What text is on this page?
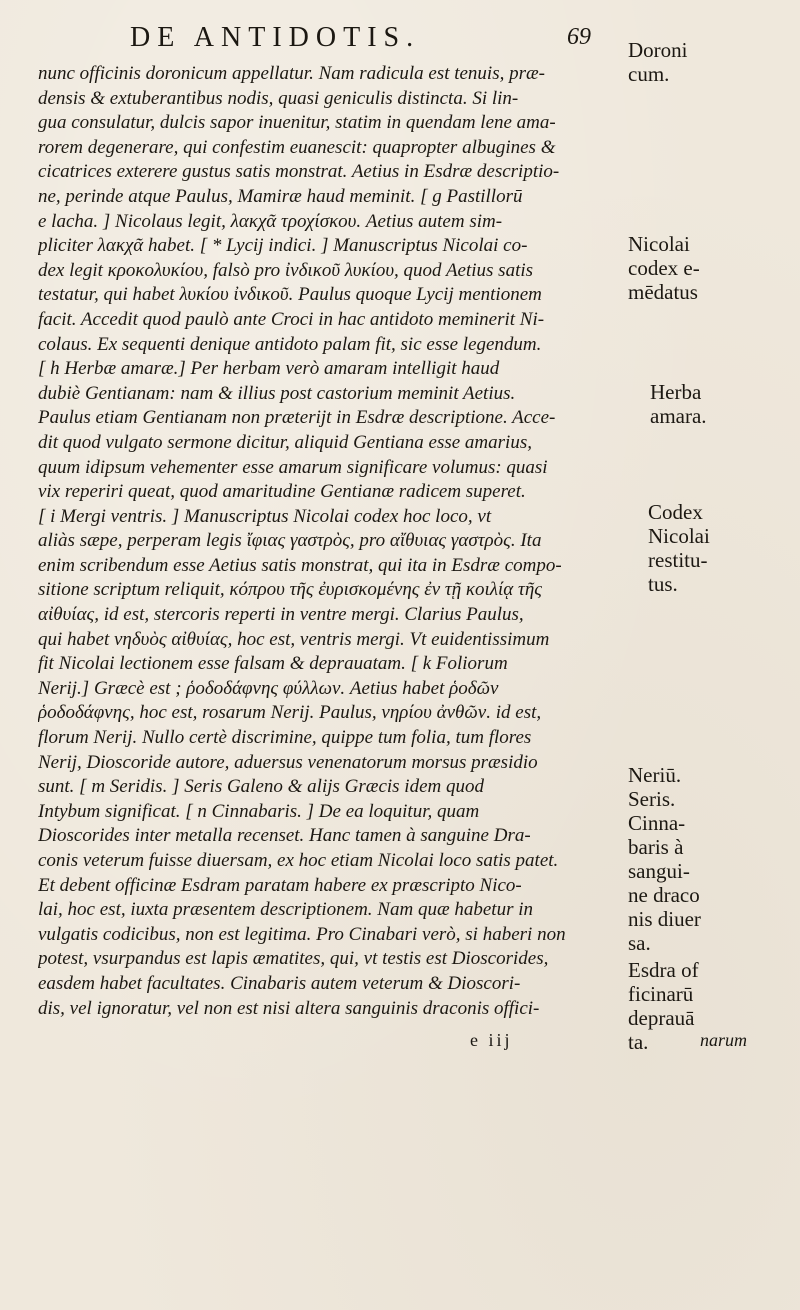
DE ANTIDOTIS.	69
nunc officinis doronicum appellatur. Nam radicula est tenuis, præ-
densis & extuberantibus nodis, quasi geniculis distincta. Si lin-
gua consulatur, dulcis sapor inuenitur, statim in quendam lene ama-
rorem degenerare, qui confestim euanescit: quapropter albugines &
cicatrices exterere gustus satis monstrat. Aetius in Esdræ descriptio-
ne, perinde atque Paulus, Mamiræ haud meminit. [ g Pastillorū
e lacha. ] Nicolaus legit, λακχᾶ τροχίσκου. Aetius autem sim-
pliciter λακχᾶ habet. [ * Lycij indici. ] Manuscriptus Nicolai co-
dex legit κρoκoλυκίου, falsò pro ἰνδικοῦ λυκίου, quod Aetius satis
testatur, qui habet λυκίου ἰνδικοῦ. Paulus quoque Lycij mentionem
facit. Accedit quod paulò ante Croci in hac antidoto meminerit Ni-
colaus. Ex sequenti denique antidoto palam fit, sic esse legendum.
[ h Herbæ amaræ.] Per herbam verò amaram intelligit haud
dubiè Gentianam: nam & illius post castorium meminit Aetius.
Paulus etiam Gentianam non præterijt in Esdræ descriptione. Acce-
dit quod vulgato sermone dicitur, aliquid Gentiana esse amarius,
quum idipsum vehementer esse amarum significare volumus: quasi
vix reperiri queat, quod amaritudine Gentianæ radicem superet.
[ i Mergi ventris. ] Manuscriptus Nicolai codex hoc loco, vt
aliàs sæpe, perperam legis ἴφιας γαστρὸς, pro αἴθυιας γαστρὸς. Ita
enim scribendum esse Aetius satis monstrat, qui ita in Esdræ compo-
sitione scriptum reliquit, κόπρου τῆς ἐυρισκομένης ἐν τῇ κοιλίᾳ τῆς
αἰθυίας, id est, stercoris reperti in ventre mergi. Clarius Paulus,
qui habet νηδυὸς αἰθυίας, hoc est, ventris mergi. Vt euidentissimum
fit Nicolai lectionem esse falsam & deprauatam. [ k Foliorum
Nerij.] Græcè est ; ῥοδοδάφνης φύλλων. Aetius habet ῥοδῶν
ῥοδοδάφνης, hoc est, rosarum Nerij. Paulus, νηρίου ἀνθῶν. id est,
florum Nerij. Nullo certè discrimine, quippe tum folia, tum flores
Nerij, Dioscoride autore, aduersus venenatorum morsus præsidio
sunt. [ m Seridis. ] Seris Galeno & alijs Græcis idem quod
Intybum significat. [ n Cinnabaris. ] De ea loquitur, quam
Dioscorides inter metalla recenset. Hanc tamen à sanguine Dra-
conis veterum fuisse diuersam, ex hoc etiam Nicolai loco satis patet.
Et debent officinæ Esdram paratam habere ex præscripto Nico-
lai, hoc est, iuxta præsentem descriptionem. Nam quæ habetur in
vulgatis codicibus, non est legitima. Pro Cinabari verò, si haberi non
potest, vsurpandus est lapis æmatites, qui, vt testis est Dioscorides,
easdem habet facultates. Cinabaris autem veterum & Dioscori-
dis, vel ignoratur, vel non est nisi altera sanguinis draconis offici-
Doroni
cum.
Nicolai
codex e-
mēdatus
Herba
amara.
Codex
Nicolai
restitu-
tus.
Neriū.
Seris.
Cinna-
baris à
sangui-
ne draco
nis diuer
sa.
Esdra of
ficinarū
deprauā
ta.
e iij	narum
